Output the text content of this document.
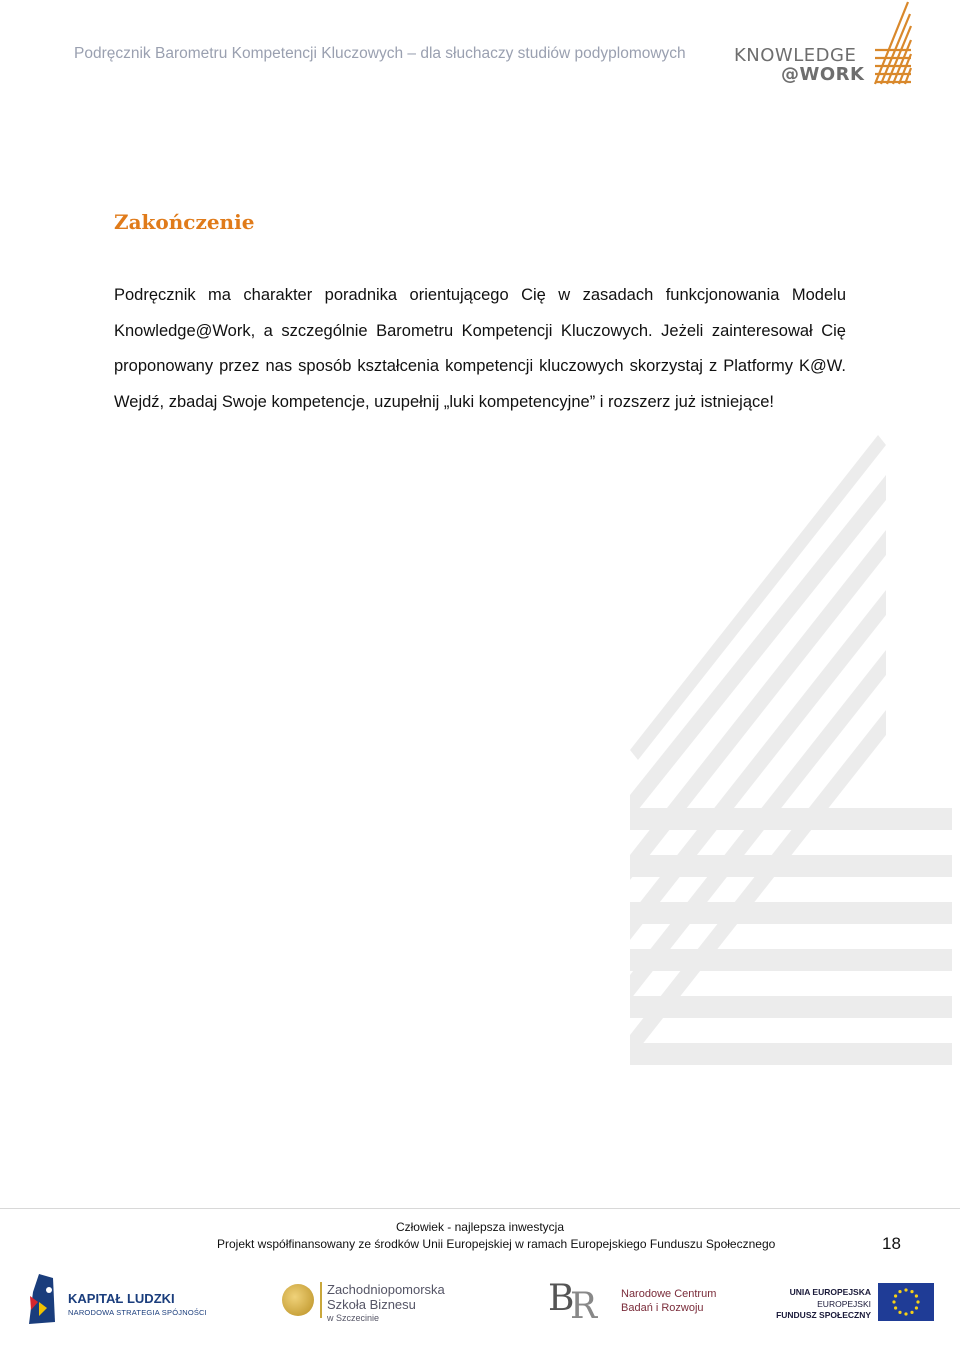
Podręcznik Barometru Kompetencji Kluczowych – dla słuchaczy studiów podyplomowych	KNOWLEDGE
@WORK
Zakończenie
Podręcznik ma charakter poradnika orientującego Cię w zasadach funkcjonowania Modelu Knowledge@Work, a szczególnie Barometru Kompetencji Kluczowych. Jeżeli zainteresował Cię proponowany przez nas sposób kształcenia kompetencji kluczowych skorzystaj z Platformy K@W. Wejdź, zbadaj Swoje kompetencje, uzupełnij „luki kompetencyjne” i rozszerz już istniejące!
Człowiek - najlepsza inwestycja
Projekt współfinansowany ze środków Unii Europejskiej w ramach Europejskiego Funduszu Społecznego	18
KAPITAŁ LUDZKI
NARODOWA STRATEGIA SPÓJNOŚCI
Zachodniopomorska
Szkoła Biznesu
w Szczecinie	B
R Narodowe Centrum
Badań i Rozwoju
UNIA EUROPEJSKA
EUROPEJSKI
FUNDUSZ SPOŁECZNY
